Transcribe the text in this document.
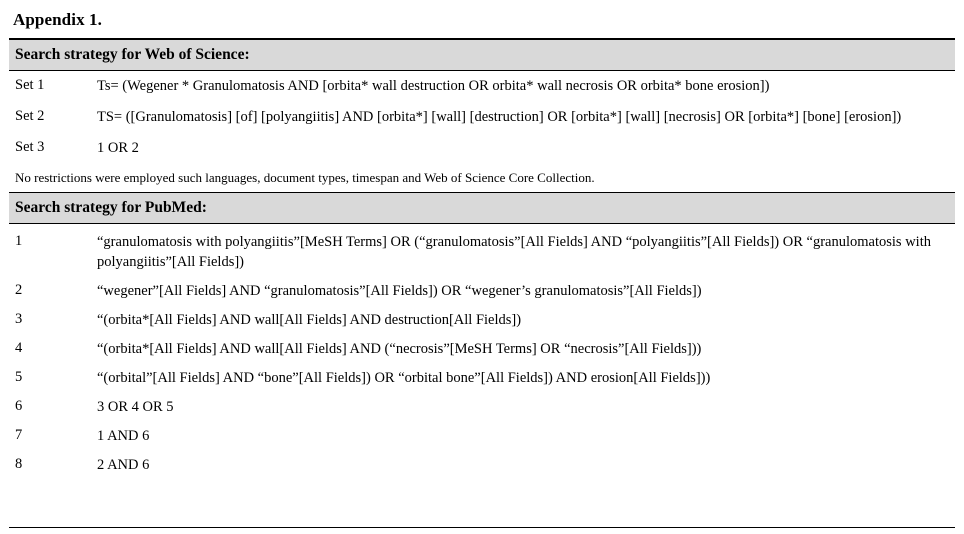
Appendix 1.
Search strategy for Web of Science:
Set 1	Ts= (Wegener * Granulomatosis AND [orbita* wall destruction OR orbita* wall necrosis OR orbita* bone erosion])
Set 2	TS= ([Granulomatosis] [of] [polyangiitis] AND [orbita*] [wall] [destruction] OR [orbita*] [wall] [necrosis] OR [orbita*] [bone] [erosion])
Set 3	1 OR 2
No restrictions were employed such languages, document types, timespan and Web of Science Core Collection.
Search strategy for PubMed:
1	“granulomatosis with polyangiitis”[MeSH Terms] OR (“granulomatosis”[All Fields] AND “polyangiitis”[All Fields]) OR “granulomatosis with polyangiitis”[All Fields])
2	“wegener”[All Fields] AND “granulomatosis”[All Fields]) OR “wegener’s granulomatosis”[All Fields])
3	“(orbita*[All Fields] AND wall[All Fields] AND destruction[All Fields])
4	“(orbita*[All Fields] AND wall[All Fields] AND (“necrosis”[MeSH Terms] OR “necrosis”[All Fields]))
5	“(orbital”[All Fields] AND “bone”[All Fields]) OR “orbital bone”[All Fields]) AND erosion[All Fields]))
6	3 OR 4 OR 5
7	1 AND 6
8	2 AND 6
